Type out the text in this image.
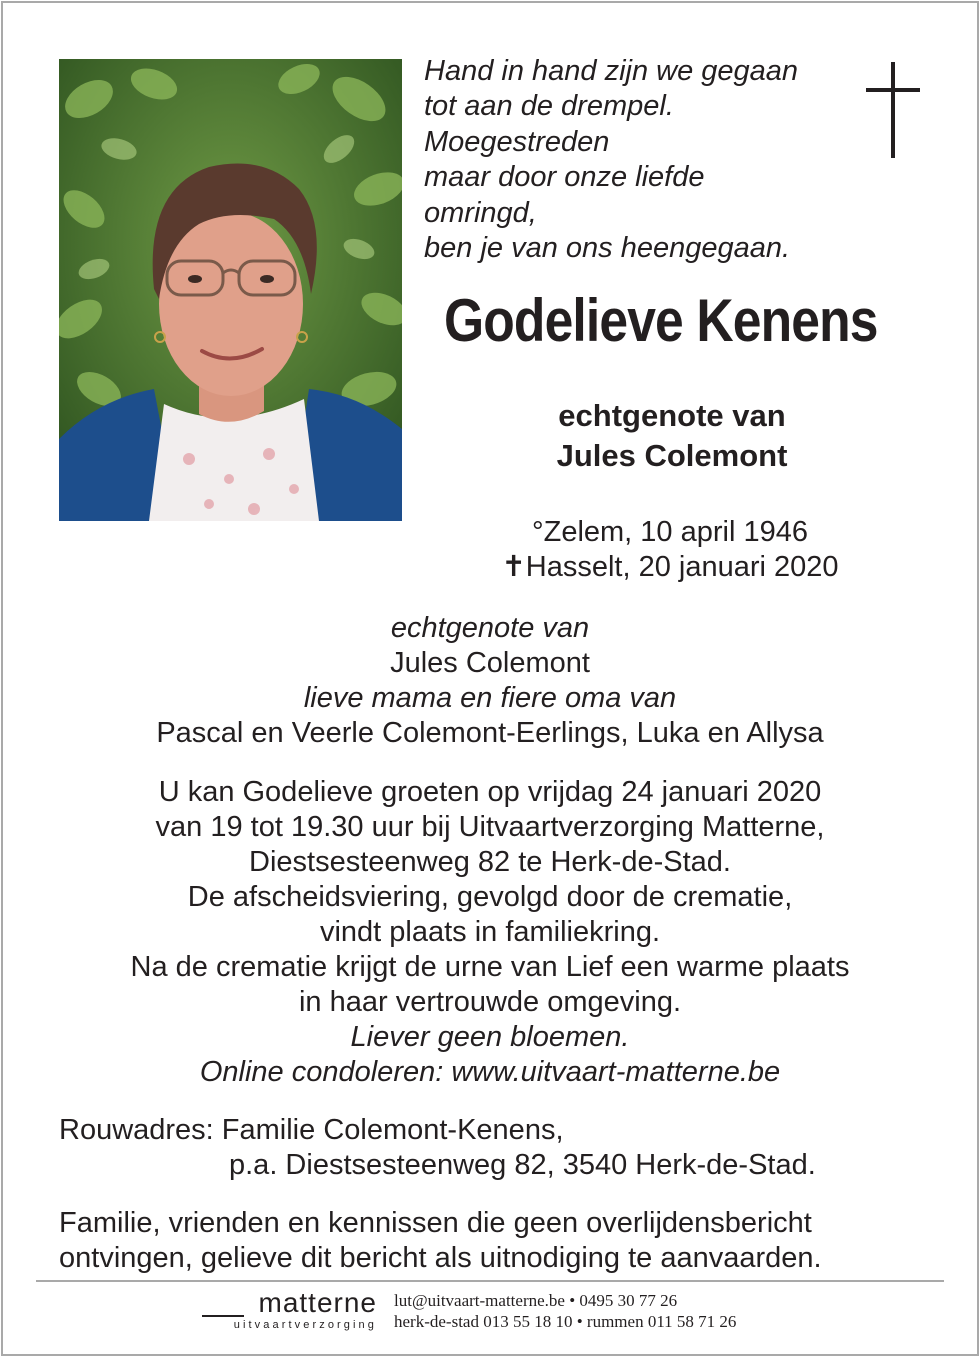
Hand in hand zijn we gegaan
tot aan de drempel.
Moegestreden
maar door onze liefde
omringd,
ben je van ons heengegaan.
Godelieve Kenens
echtgenote van
Jules Colemont
°Zelem, 10 april 1946
✝Hasselt, 20 januari 2020
echtgenote van
Jules Colemont
lieve mama en fiere oma van
Pascal en Veerle Colemont-Eerlings, Luka en Allysa
U kan Godelieve groeten op vrijdag 24 januari 2020
van 19 tot 19.30 uur bij Uitvaartverzorging Matterne,
Diestsesteenweg 82 te Herk-de-Stad.
De afscheidsviering, gevolgd door de crematie,
vindt plaats in familiekring.
Na de crematie krijgt de urne van Lief een warme plaats
in haar vertrouwde omgeving.
Liever geen bloemen.
Online condoleren: www.uitvaart-matterne.be
Rouwadres: Familie Colemont-Kenens,
p.a. Diestsesteenweg 82, 3540 Herk-de-Stad.
Familie, vrienden en kennissen die geen overlijdensbericht
ontvingen, gelieve dit bericht als uitnodiging te aanvaarden.
matterne
uitvaartverzorging
lut@uitvaart-matterne.be • 0495 30 77 26
herk-de-stad 013 55 18 10 • rummen 011 58 71 26
